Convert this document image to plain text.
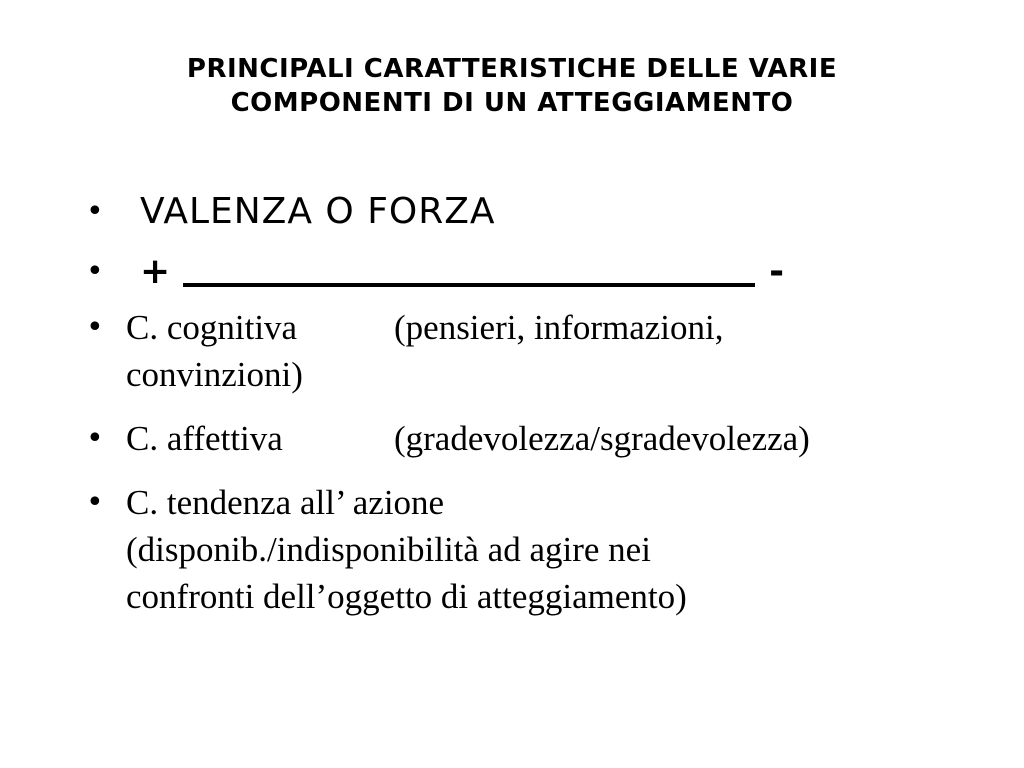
PRINCIPALI CARATTERISTICHE DELLE VARIE
COMPONENTI DI UN ATTEGGIAMENTO
• VALENZA O FORZA
• +	-
• C. cognitiva	(pensieri, informazioni,
convinzioni)
• C. affettiva	(gradevolezza/sgradevolezza)
• C. tendenza all’ azione
(disponib./indisponibilità ad agire nei
confronti dell’oggetto di atteggiamento)
